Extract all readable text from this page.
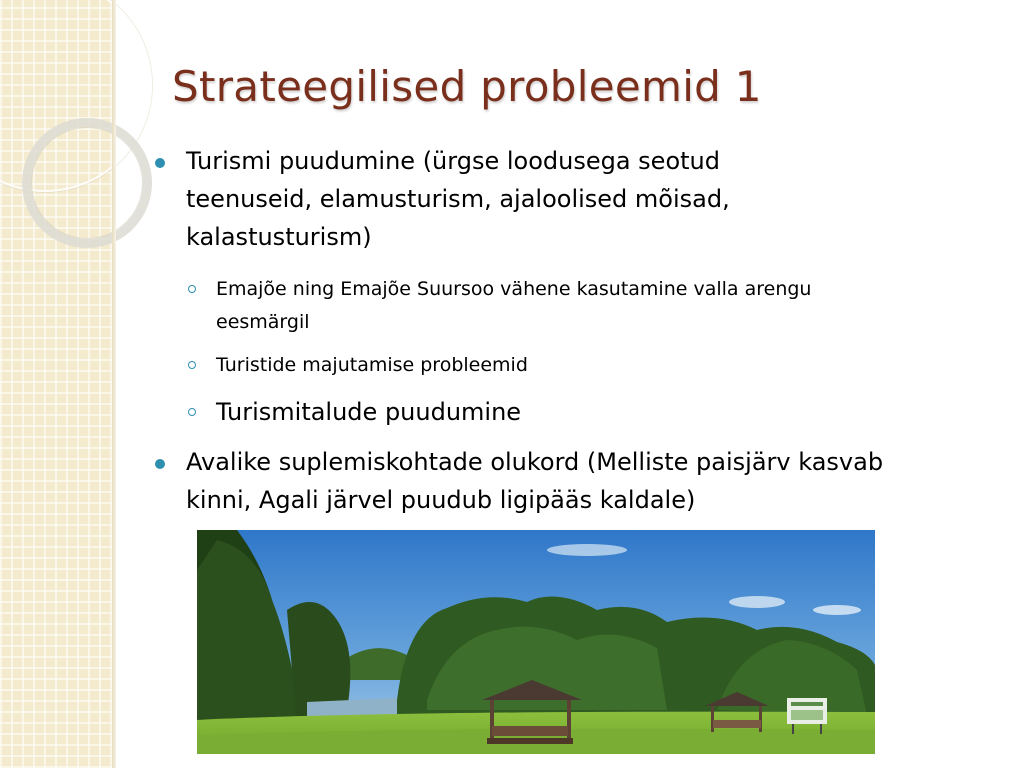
Strateegilised probleemid 1

Turismi puudumine (ürgse loodusega seotud teenuseid, elamusturism, ajaloolised mõisad, kalastusturism)

Emajõe ning Emajõe Suursoo vähene kasutamine valla arengu eesmärgil

Turistide majutamise probleemid

Turismitalude puudumine

Avalike suplemiskohtade olukord (Melliste paisjärv kasvab kinni, Agali järvel puudub ligipääs kaldale)
